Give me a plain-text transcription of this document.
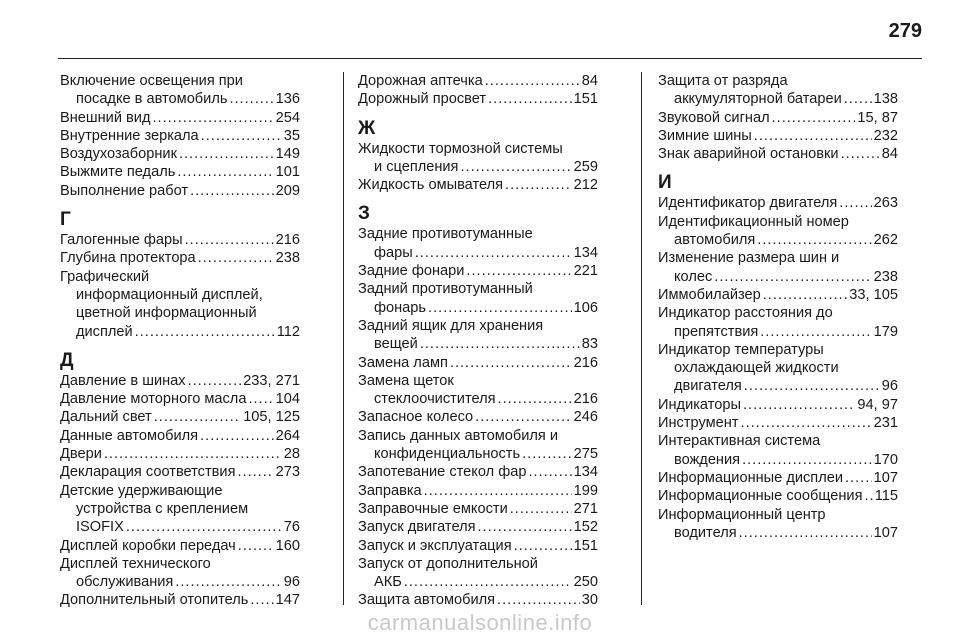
279
Включение освещения при
посадке в автомобиль .....	136
Внешний вид .....	254
Внутренние зеркала .....	35
Воздухозаборник .....	149
Выжмите педаль .....	101
Выполнение работ .....	209
Г
Галогенные фары .....	216
Глубина протектора .....	238
Графический
информационный дисплей,
цветной информационный
дисплей .....	112
Д
Давление в шинах .....	233, 271
Давление моторного масла ..... 104
Дальний свет .....	105, 125
Данные автомобиля .....	264
Двери .....	28
Декларация соответствия .....	273
Детские удерживающие
устройства с креплением
ISOFIX .....	76
Дисплей коробки передач .....	160
Дисплей технического
обслуживания .....	96
Дополнительный отопитель ..... 147
Дорожная аптечка .....	84
Дорожный просвет .....	151
Ж
Жидкости тормозной системы
и сцепления .....	259
Жидкость омывателя .....	212
З
Задние противотуманные
фары .....	134
Задние фонари .....	221
Задний противотуманный
фонарь .....	106
Задний ящик для хранения
вещей .....	83
Замена ламп .....	216
Замена щеток
стеклоочистителя .....	216
Запасное колесо .....	246
Запись данных автомобиля и
конфиденциальность .....	275
Запотевание стекол фар .....	134
Заправка .....	199
Заправочные емкости .....	271
Запуск двигателя .....	152
Запуск и эксплуатация .....	151
Запуск от дополнительной
АКБ .....	250
Защита автомобиля .....	30
Защита от разряда
аккумуляторной батареи ..... 138
Звуковой сигнал .....	15, 87
Зимние шины .....	232
Знак аварийной остановки .....	84
И
Идентификатор двигателя ..... 263
Идентификационный номер
автомобиля .....	262
Изменение размера шин и
колес .....	238
Иммобилайзер .....	33, 105
Индикатор расстояния до
препятствия .....	179
Индикатор температуры
охлаждающей жидкости
двигателя .....	96
Индикаторы .....	94, 97
Инструмент .....	231
Интерактивная система
вождения .....	170
Информационные дисплеи ..... 107
Информационные сообщения ..... 115
Информационный центр
водителя .....	107
carmanualsonline.info
